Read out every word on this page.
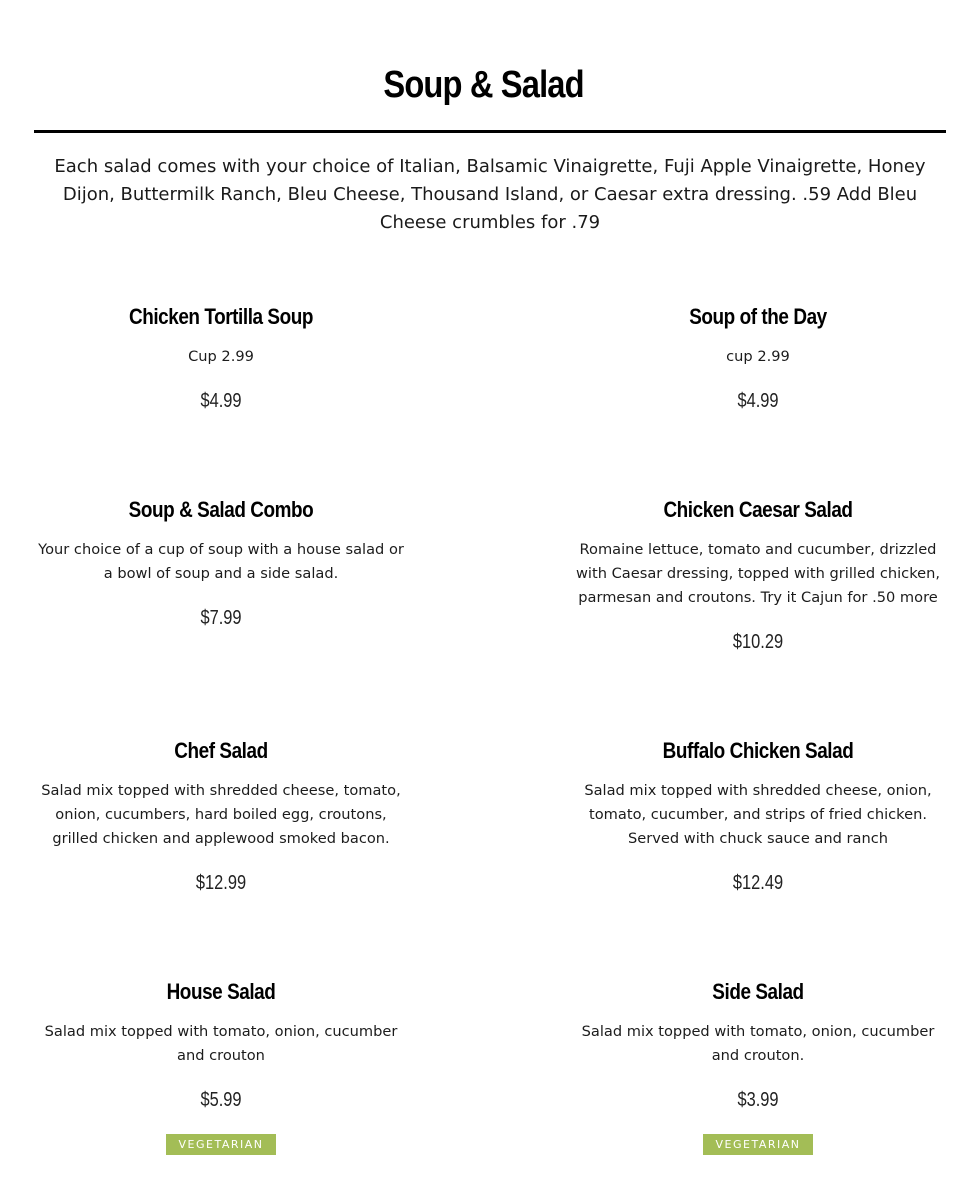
Soup & Salad

Each salad comes with your choice of Italian, Balsamic Vinaigrette, Fuji Apple Vinaigrette, Honey Dijon, Buttermilk Ranch, Bleu Cheese, Thousand Island, or Caesar extra dressing. .59 Add Bleu Cheese crumbles for .79

Chicken Tortilla Soup

Cup 2.99

$4.99
Soup of the Day

cup 2.99

$4.99
Soup & Salad Combo

Your choice of a cup of soup with a house salad or a bowl of soup and a side salad.

$7.99
Chicken Caesar Salad

Romaine lettuce, tomato and cucumber, drizzled with Caesar dressing, topped with grilled chicken, parmesan and croutons. Try it Cajun for .50 more

$10.29
Chef Salad

Salad mix topped with shredded cheese, tomato, onion, cucumbers, hard boiled egg, croutons, grilled chicken and applewood smoked bacon.

$12.99
Buffalo Chicken Salad

Salad mix topped with shredded cheese, onion, tomato, cucumber, and strips of fried chicken. Served with chuck sauce and ranch

$12.49
House Salad

Salad mix topped with tomato, onion, cucumber and crouton

$5.99
VEGETARIAN
Side Salad

Salad mix topped with tomato, onion, cucumber and crouton.

$3.99
VEGETARIAN
